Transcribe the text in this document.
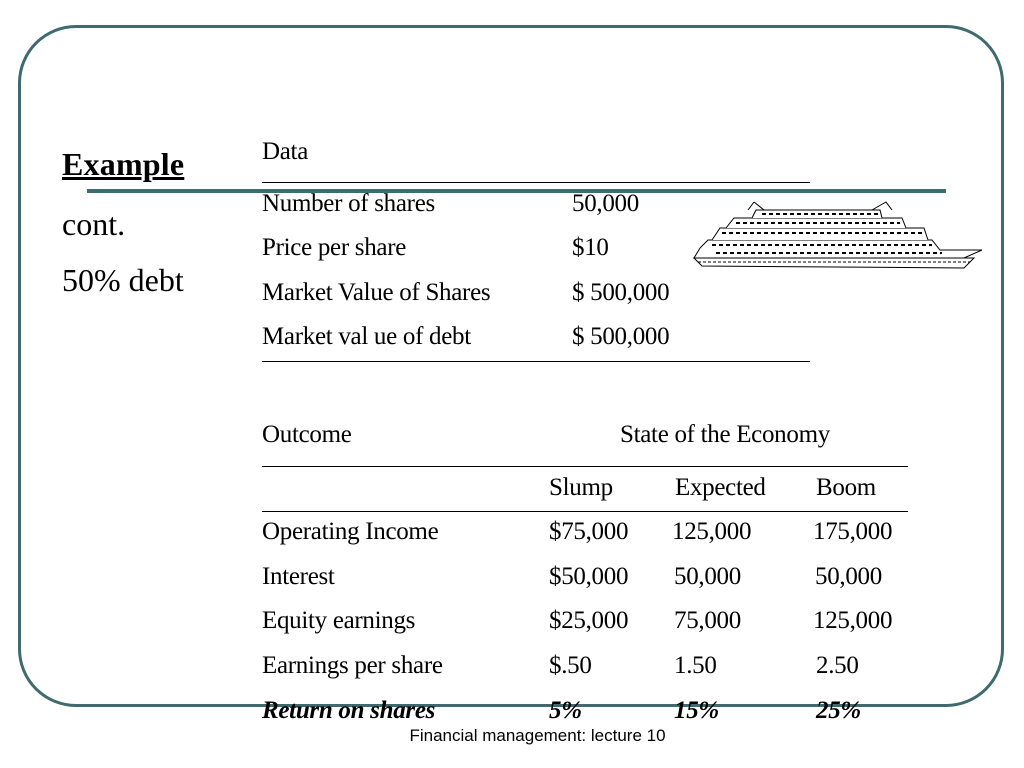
Example
cont.
50% debt
Data
Number of shares	50,000
Price per share	$10
Market Value of Shares	$ 500,000
Market val ue of debt	$ 500,000
Outcome	State of the Economy
Slump Expected Boom
Operating Income	$75,000 125,000 175,000
Interest	$50,000 50,000	50,000
Equity earnings	$25,000 75,000	125,000
Earnings per share	$.50	1.50	2.50
Return on shares	5%	15%	25%
Financial management: lecture 10
